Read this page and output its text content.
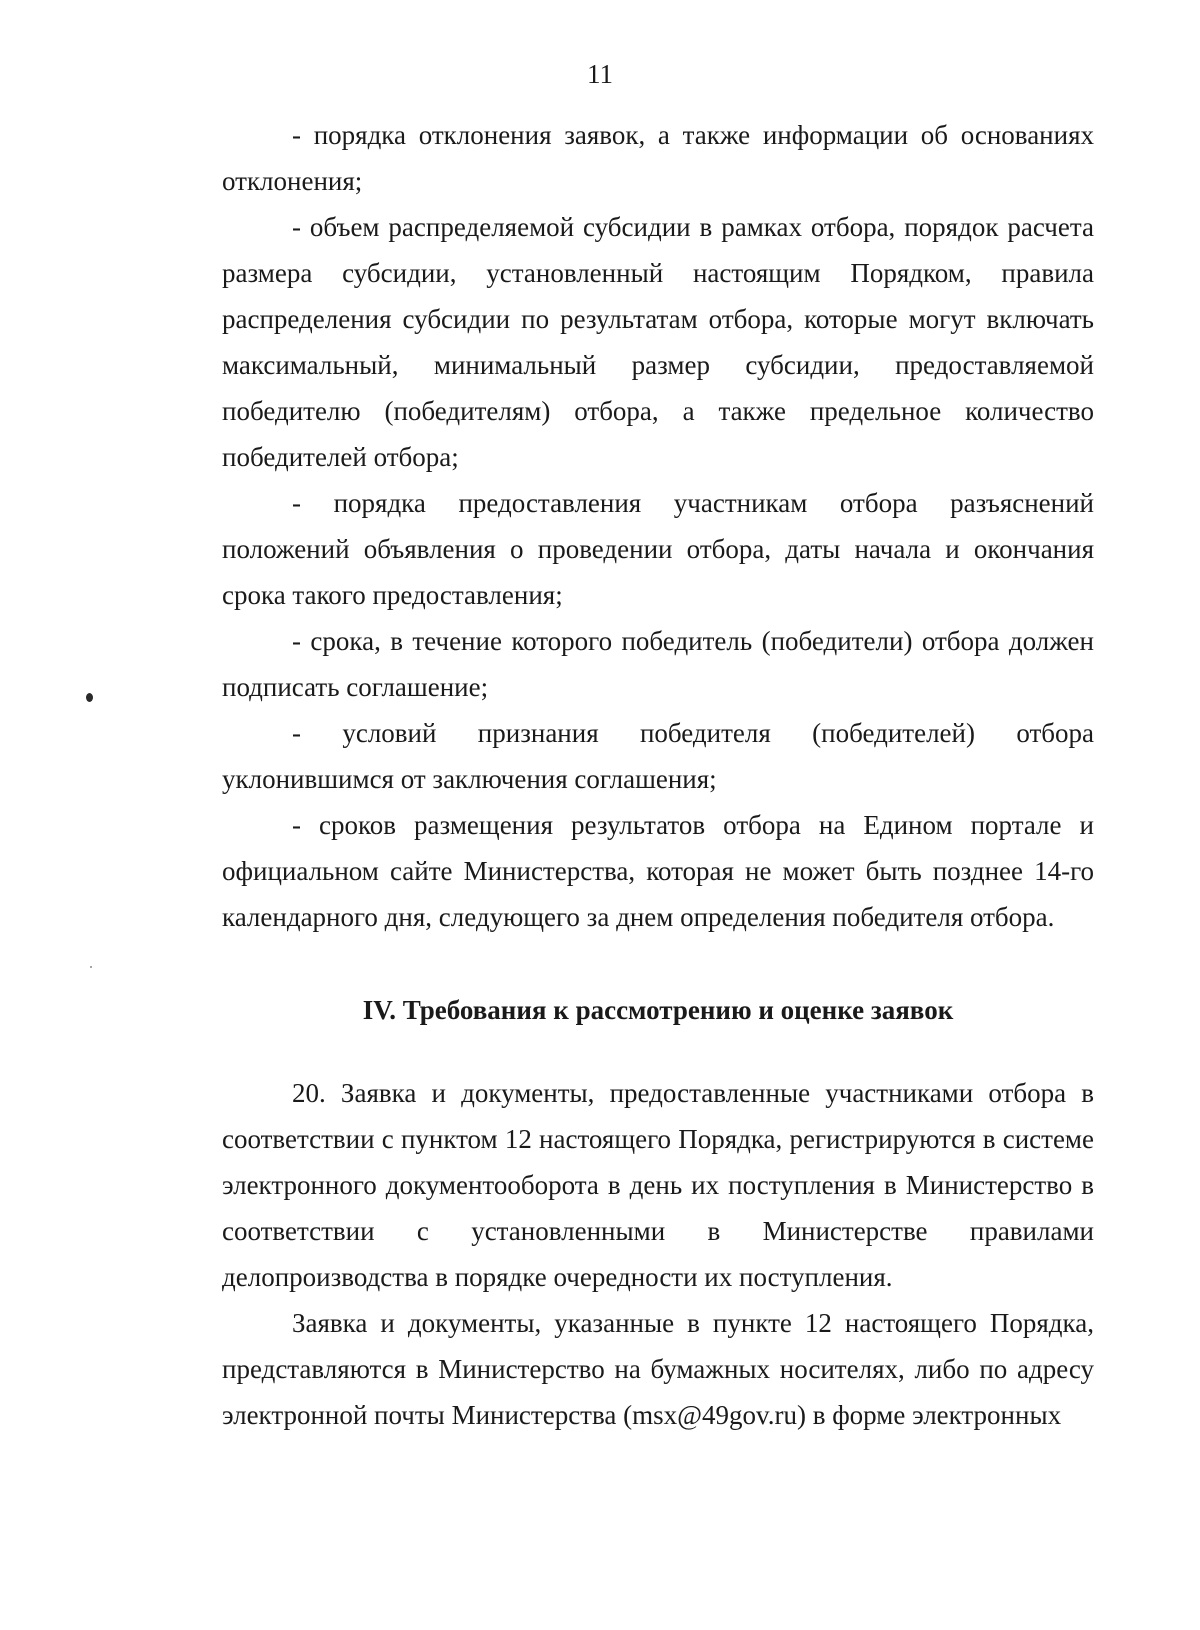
11

- порядка отклонения заявок, а также информации об основаниях отклонения;

- объем распределяемой субсидии в рамках отбора, порядок расчета размера субсидии, установленный настоящим Порядком, правила распределения субсидии по результатам отбора, которые могут включать максимальный, минимальный размер субсидии, предоставляемой победителю (победителям) отбора, а также предельное количество победителей отбора;

- порядка предоставления участникам отбора разъяснений положений объявления о проведении отбора, даты начала и окончания срока такого предоставления;

- срока, в течение которого победитель (победители) отбора должен подписать соглашение;

- условий признания победителя (победителей) отбора уклонившимся от заключения соглашения;

- сроков размещения результатов отбора на Едином портале и официальном сайте Министерства, которая не может быть позднее 14-го календарного дня, следующего за днем определения победителя отбора.

IV. Требования к рассмотрению и оценке заявок

20. Заявка и документы, предоставленные участниками отбора в соответствии с пунктом 12 настоящего Порядка, регистрируются в системе электронного документооборота в день их поступления в Министерство в соответствии с установленными в Министерстве правилами делопроизводства в порядке очередности их поступления.

Заявка и документы, указанные в пункте 12 настоящего Порядка, представляются в Министерство на бумажных носителях, либо по адресу электронной почты Министерства (msx@49gov.ru) в форме электронных
